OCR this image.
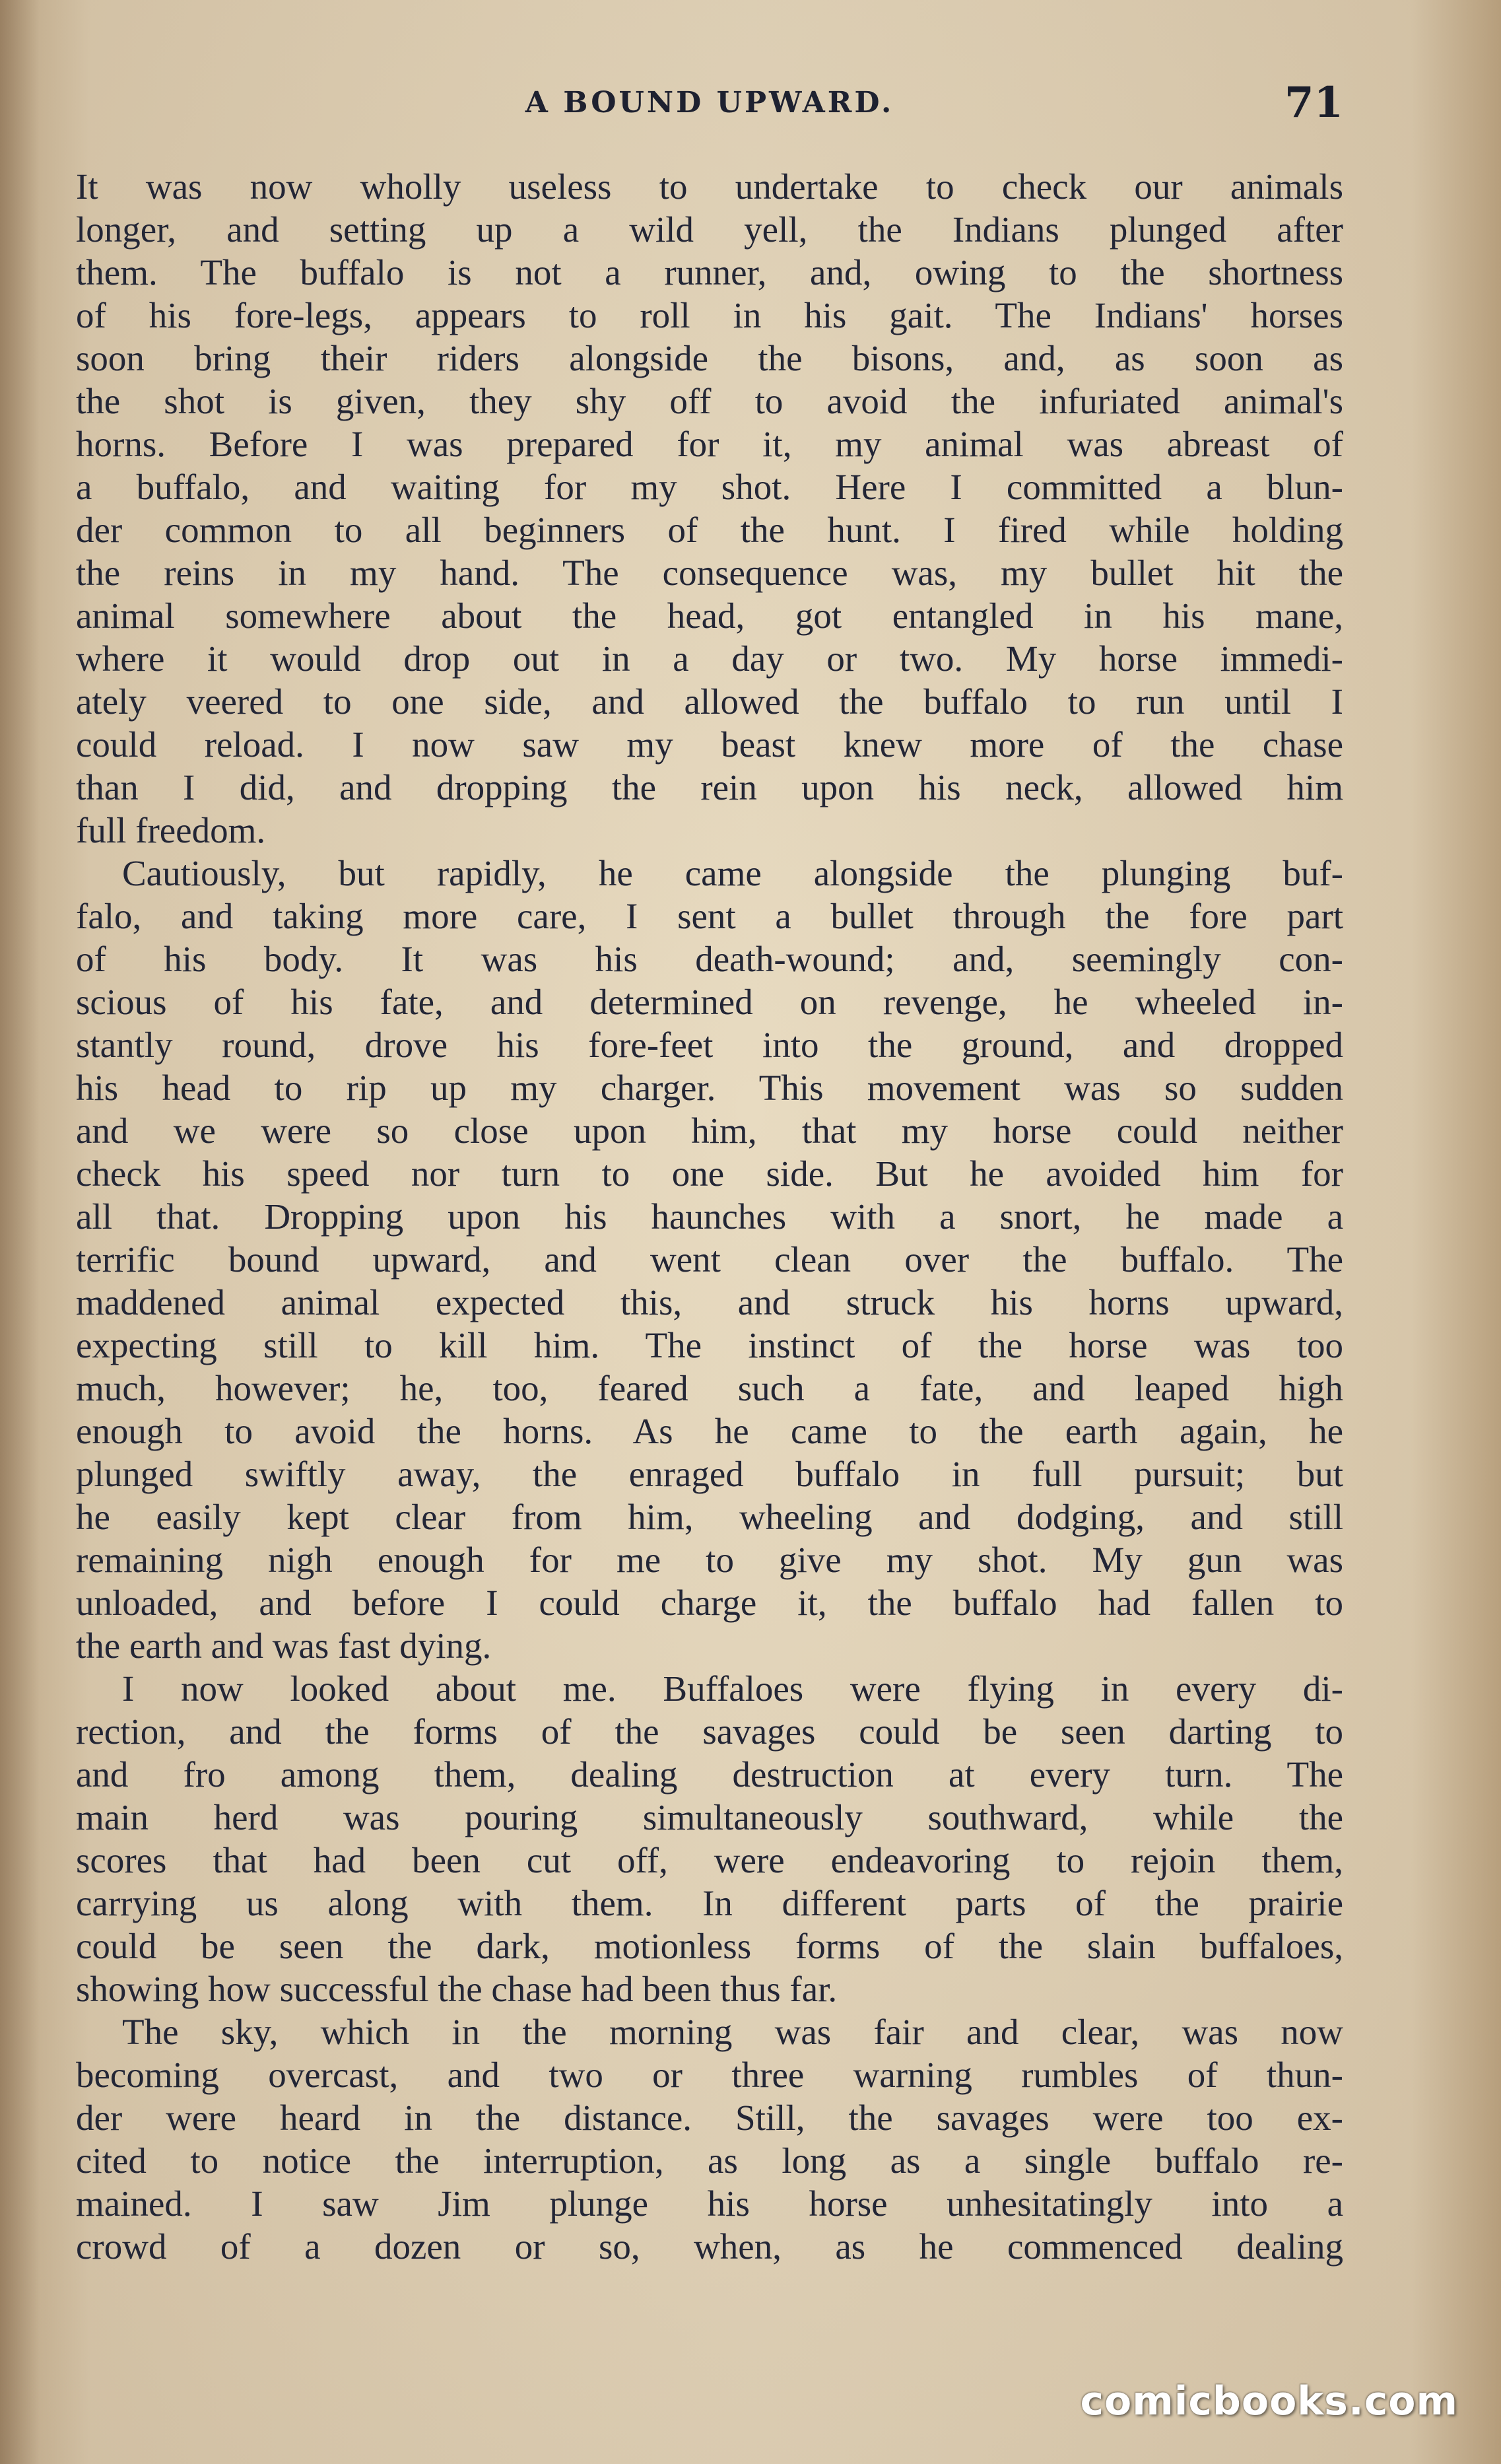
A BOUND UPWARD.	71
It was now wholly useless to undertake to check our animals
longer, and setting up a wild yell, the Indians plunged after
them. The buffalo is not a runner, and, owing to the shortness
of his fore-legs, appears to roll in his gait. The Indians' horses
soon bring their riders alongside the bisons, and, as soon as
the shot is given, they shy off to avoid the infuriated animal's
horns. Before I was prepared for it, my animal was abreast of
a buffalo, and waiting for my shot. Here I committed a blun-
der common to all beginners of the hunt. I fired while holding
the reins in my hand. The consequence was, my bullet hit the
animal somewhere about the head, got entangled in his mane,
where it would drop out in a day or two. My horse immedi-
ately veered to one side, and allowed the buffalo to run until I
could reload. I now saw my beast knew more of the chase
than I did, and dropping the rein upon his neck, allowed him
full freedom.
Cautiously, but rapidly, he came alongside the plunging buf-
falo, and taking more care, I sent a bullet through the fore part
of his body. It was his death-wound; and, seemingly con-
scious of his fate, and determined on revenge, he wheeled in-
stantly round, drove his fore-feet into the ground, and dropped
his head to rip up my charger. This movement was so sudden
and we were so close upon him, that my horse could neither
check his speed nor turn to one side. But he avoided him for
all that. Dropping upon his haunches with a snort, he made a
terrific bound upward, and went clean over the buffalo. The
maddened animal expected this, and struck his horns upward,
expecting still to kill him. The instinct of the horse was too
much, however; he, too, feared such a fate, and leaped high
enough to avoid the horns. As he came to the earth again, he
plunged swiftly away, the enraged buffalo in full pursuit; but
he easily kept clear from him, wheeling and dodging, and still
remaining nigh enough for me to give my shot. My gun was
unloaded, and before I could charge it, the buffalo had fallen to
the earth and was fast dying.
I now looked about me. Buffaloes were flying in every di-
rection, and the forms of the savages could be seen darting to
and fro among them, dealing destruction at every turn. The
main herd was pouring simultaneously southward, while the
scores that had been cut off, were endeavoring to rejoin them,
carrying us along with them. In different parts of the prairie
could be seen the dark, motionless forms of the slain buffaloes,
showing how successful the chase had been thus far.
The sky, which in the morning was fair and clear, was now
becoming overcast, and two or three warning rumbles of thun-
der were heard in the distance. Still, the savages were too ex-
cited to notice the interruption, as long as a single buffalo re-
mained. I saw Jim plunge his horse unhesitatingly into a
crowd of a dozen or so, when, as he commenced dealing
comicbooks.com
